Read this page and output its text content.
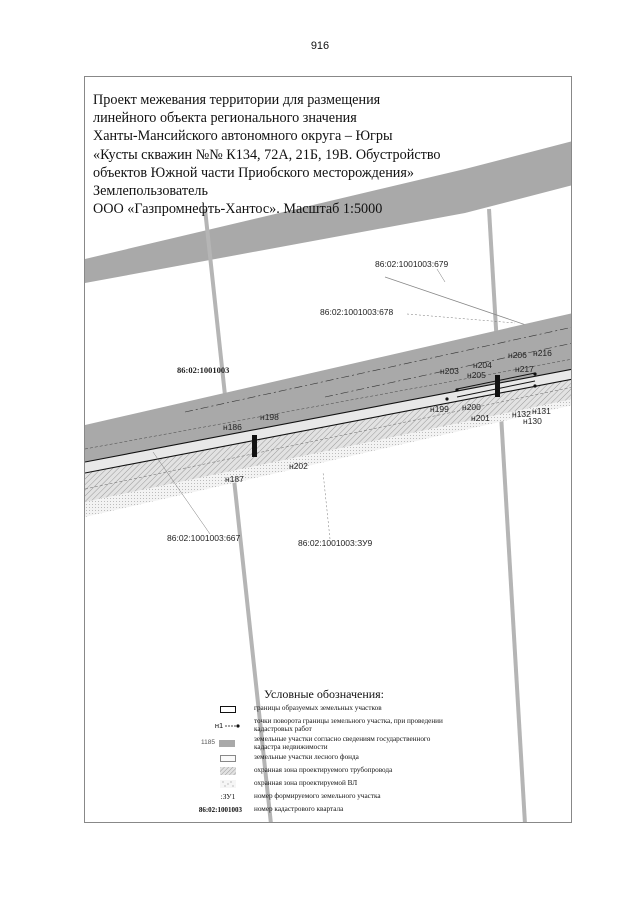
916
86:02:1001003
86:02:1001003:679
86:02:1001003:678
86:02:1001003:667	86:02:1001003:ЗУ9
н186
н198
н187
н202
н203
н204
н205
н206 н216
н217
н199 н200
н201	н132 н131
н130
Проект межевания территории для размещения
линейного объекта регионального значения
Ханты-Мансийского автономного округа – Югры
«Кусты скважин №№ К134, 72А, 21Б, 19В. Обустройство
объектов Южной части Приобского месторождения»
Землепользователь
ООО «Газпромнефть-Хантос». Масштаб 1:5000
Условные обозначения:
границы образуемых земельных участков
н1	точки поворота границы земельного участка, при проведении кадастровых работ
1185	земельные участки согласно сведениям государственного кадастра недвижимости
земельные участки лесного фонда
охранная зона проектируемого трубопровода
охранная зона проектируемой ВЛ
:ЗУ1	номер формируемого земельного участка
86:02:1001003 номер кадастрового квартала
